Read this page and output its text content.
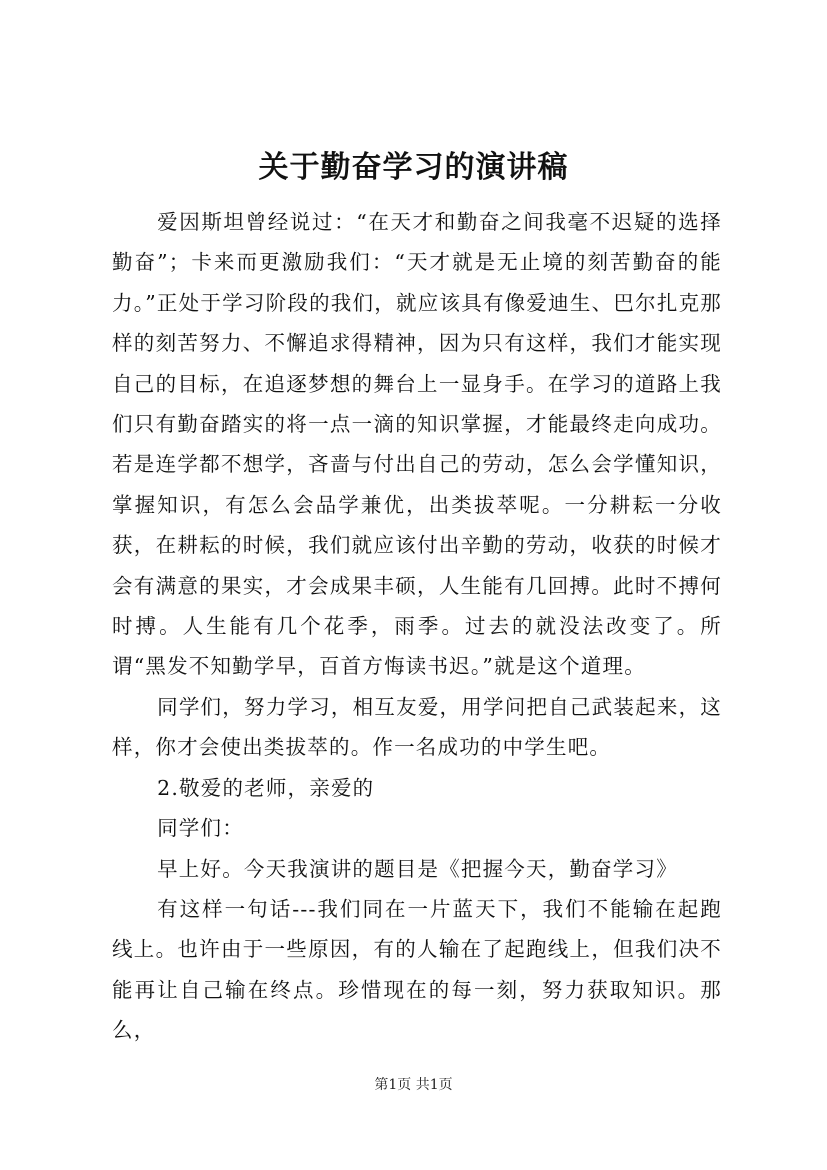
关于勤奋学习的演讲稿

爱因斯坦曾经说过：“在天才和勤奋之间我毫不迟疑的选择勤奋”；卡来而更激励我们：“天才就是无止境的刻苦勤奋的能力。”正处于学习阶段的我们，就应该具有像爱迪生、巴尔扎克那样的刻苦努力、不懈追求得精神，因为只有这样，我们才能实现自己的目标，在追逐梦想的舞台上一显身手。在学习的道路上我们只有勤奋踏实的将一点一滴的知识掌握，才能最终走向成功。若是连学都不想学，吝啬与付出自己的劳动，怎么会学懂知识，掌握知识，有怎么会品学兼优，出类拔萃呢。一分耕耘一分收获，在耕耘的时候，我们就应该付出辛勤的劳动，收获的时候才会有满意的果实，才会成果丰硕，人生能有几回搏。此时不搏何时搏。人生能有几个花季，雨季。过去的就没法改变了。所谓“黑发不知勤学早，百首方悔读书迟。”就是这个道理。

同学们，努力学习，相互友爱，用学问把自己武装起来，这样，你才会使出类拔萃的。作一名成功的中学生吧。

2.敬爱的老师，亲爱的

同学们：

早上好。今天我演讲的题目是《把握今天，勤奋学习》

有这样一句话---我们同在一片蓝天下，我们不能输在起跑线上。也许由于一些原因，有的人输在了起跑线上，但我们决不能再让自己输在终点。珍惜现在的每一刻，努力获取知识。那么，

第1页 共1页
